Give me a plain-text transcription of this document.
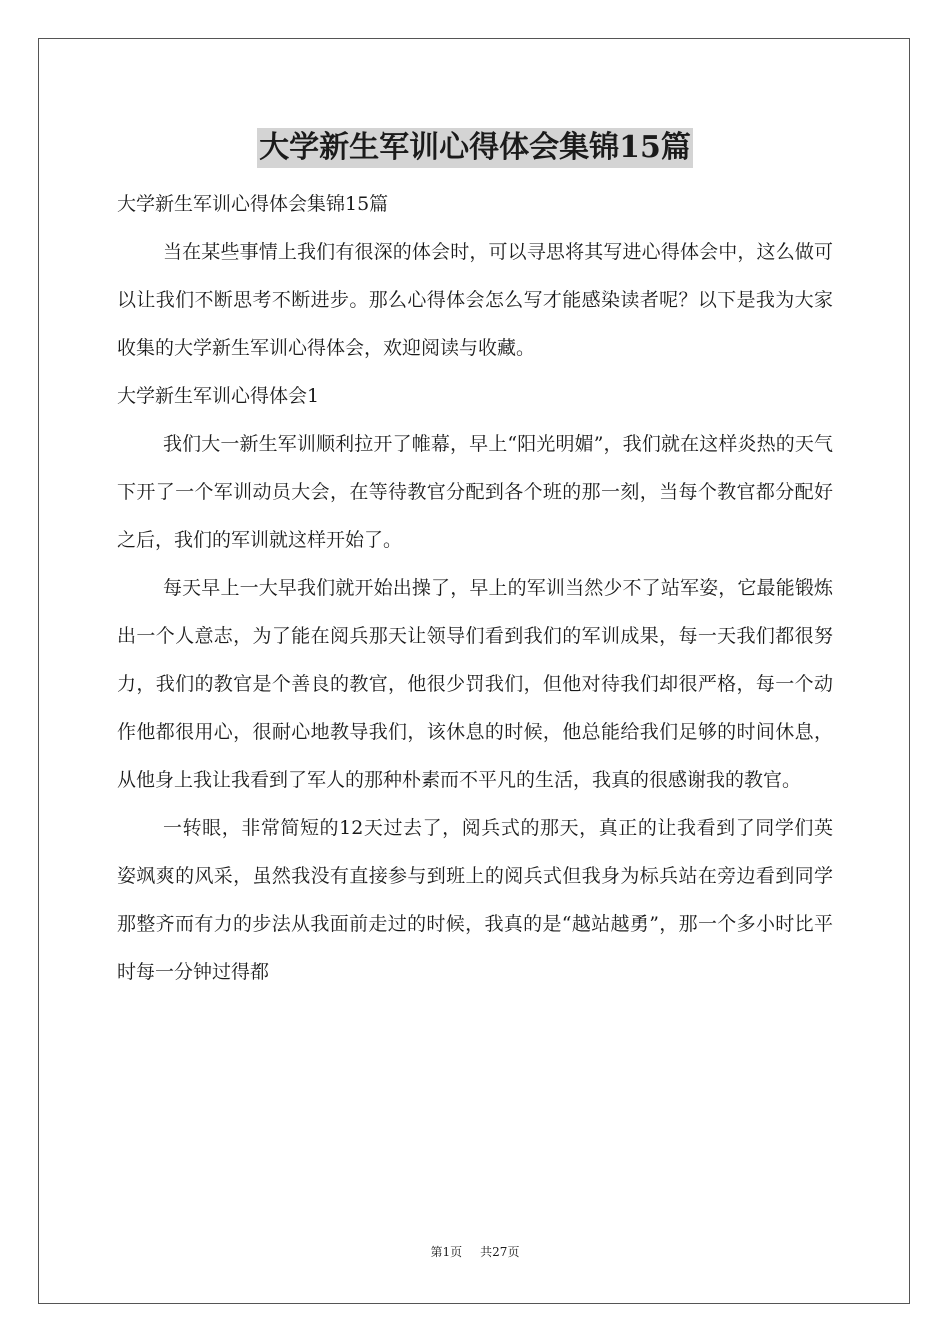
大学新生军训心得体会集锦15篇

大学新生军训心得体会集锦15篇

当在某些事情上我们有很深的体会时，可以寻思将其写进心得体会中，这么做可以让我们不断思考不断进步。那么心得体会怎么写才能感染读者呢？以下是我为大家收集的大学新生军训心得体会，欢迎阅读与收藏。

大学新生军训心得体会1

我们大一新生军训顺利拉开了帷幕，早上“阳光明媚”，我们就在这样炎热的天气下开了一个军训动员大会，在等待教官分配到各个班的那一刻，当每个教官都分配好之后，我们的军训就这样开始了。

每天早上一大早我们就开始出操了，早上的军训当然少不了站军姿，它最能锻炼出一个人意志，为了能在阅兵那天让领导们看到我们的军训成果，每一天我们都很努力，我们的教官是个善良的教官，他很少罚我们，但他对待我们却很严格，每一个动作他都很用心，很耐心地教导我们，该休息的时候，他总能给我们足够的时间休息，从他身上我让我看到了军人的那种朴素而不平凡的生活，我真的很感谢我的教官。

一转眼，非常简短的12天过去了，阅兵式的那天，真正的让我看到了同学们英姿飒爽的风采，虽然我没有直接参与到班上的阅兵式但我身为标兵站在旁边看到同学那整齐而有力的步法从我面前走过的时候，我真的是“越站越勇”，那一个多小时比平时每一分钟过得都

第1页 共27页
